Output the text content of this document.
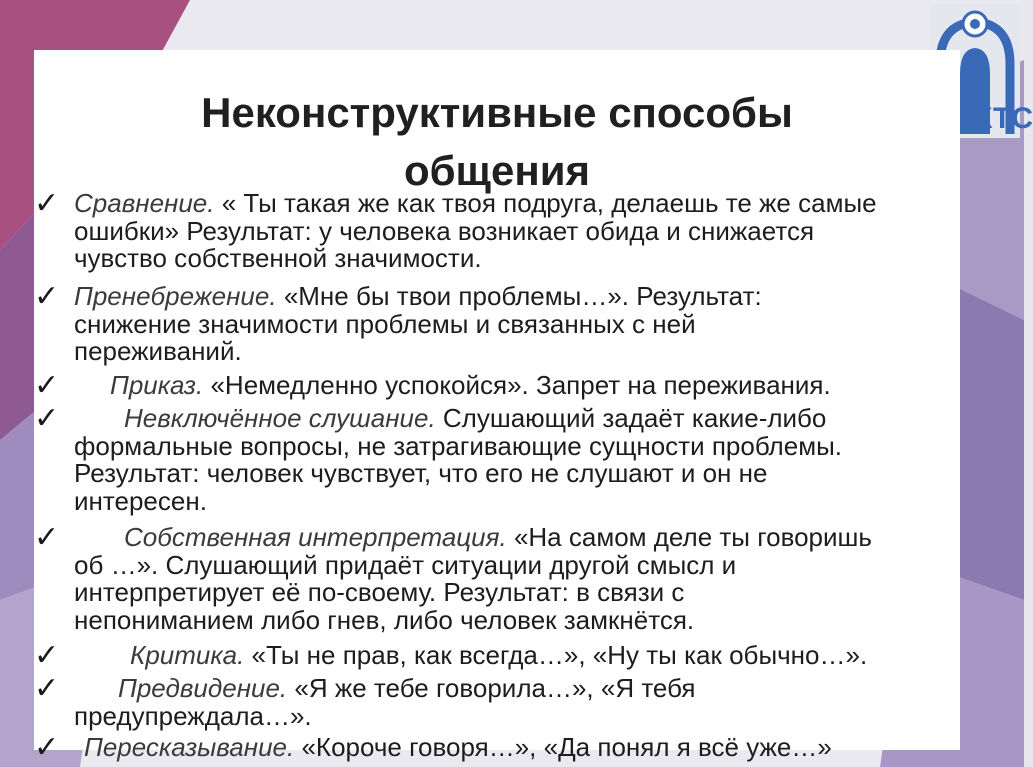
КТС
Неконструктивные способы
общения
✓ Сравнение. « Ты такая же как твоя подруга, делаешь те же самые
ошибки» Результат: у человека возникает обида и снижается
чувство собственной значимости.
✓ Пренебрежение. «Мне бы твои проблемы…». Результат:
снижение значимости проблемы и связанных с ней
переживаний.
✓ Приказ. «Немедленно успокойся». Запрет на переживания.
✓	Невключённое слушание. Слушающий задаёт какие-либо
формальные вопросы, не затрагивающие сущности проблемы.
Результат: человек чувствует, что его не слушают и он не
интересен.
✓	Собственная интерпретация. «На самом деле ты говоришь
об …». Слушающий придаёт ситуации другой смысл и
интерпретирует её по-своему. Результат: в связи с
непониманием либо гнев, либо человек замкнётся.
✓	Критика. «Ты не прав, как всегда…», «Ну ты как обычно…».
✓	Предвидение. «Я же тебе говорила…», «Я тебя
предупреждала…».
✓ Пересказывание. «Короче говоря…», «Да понял я всё уже…»
